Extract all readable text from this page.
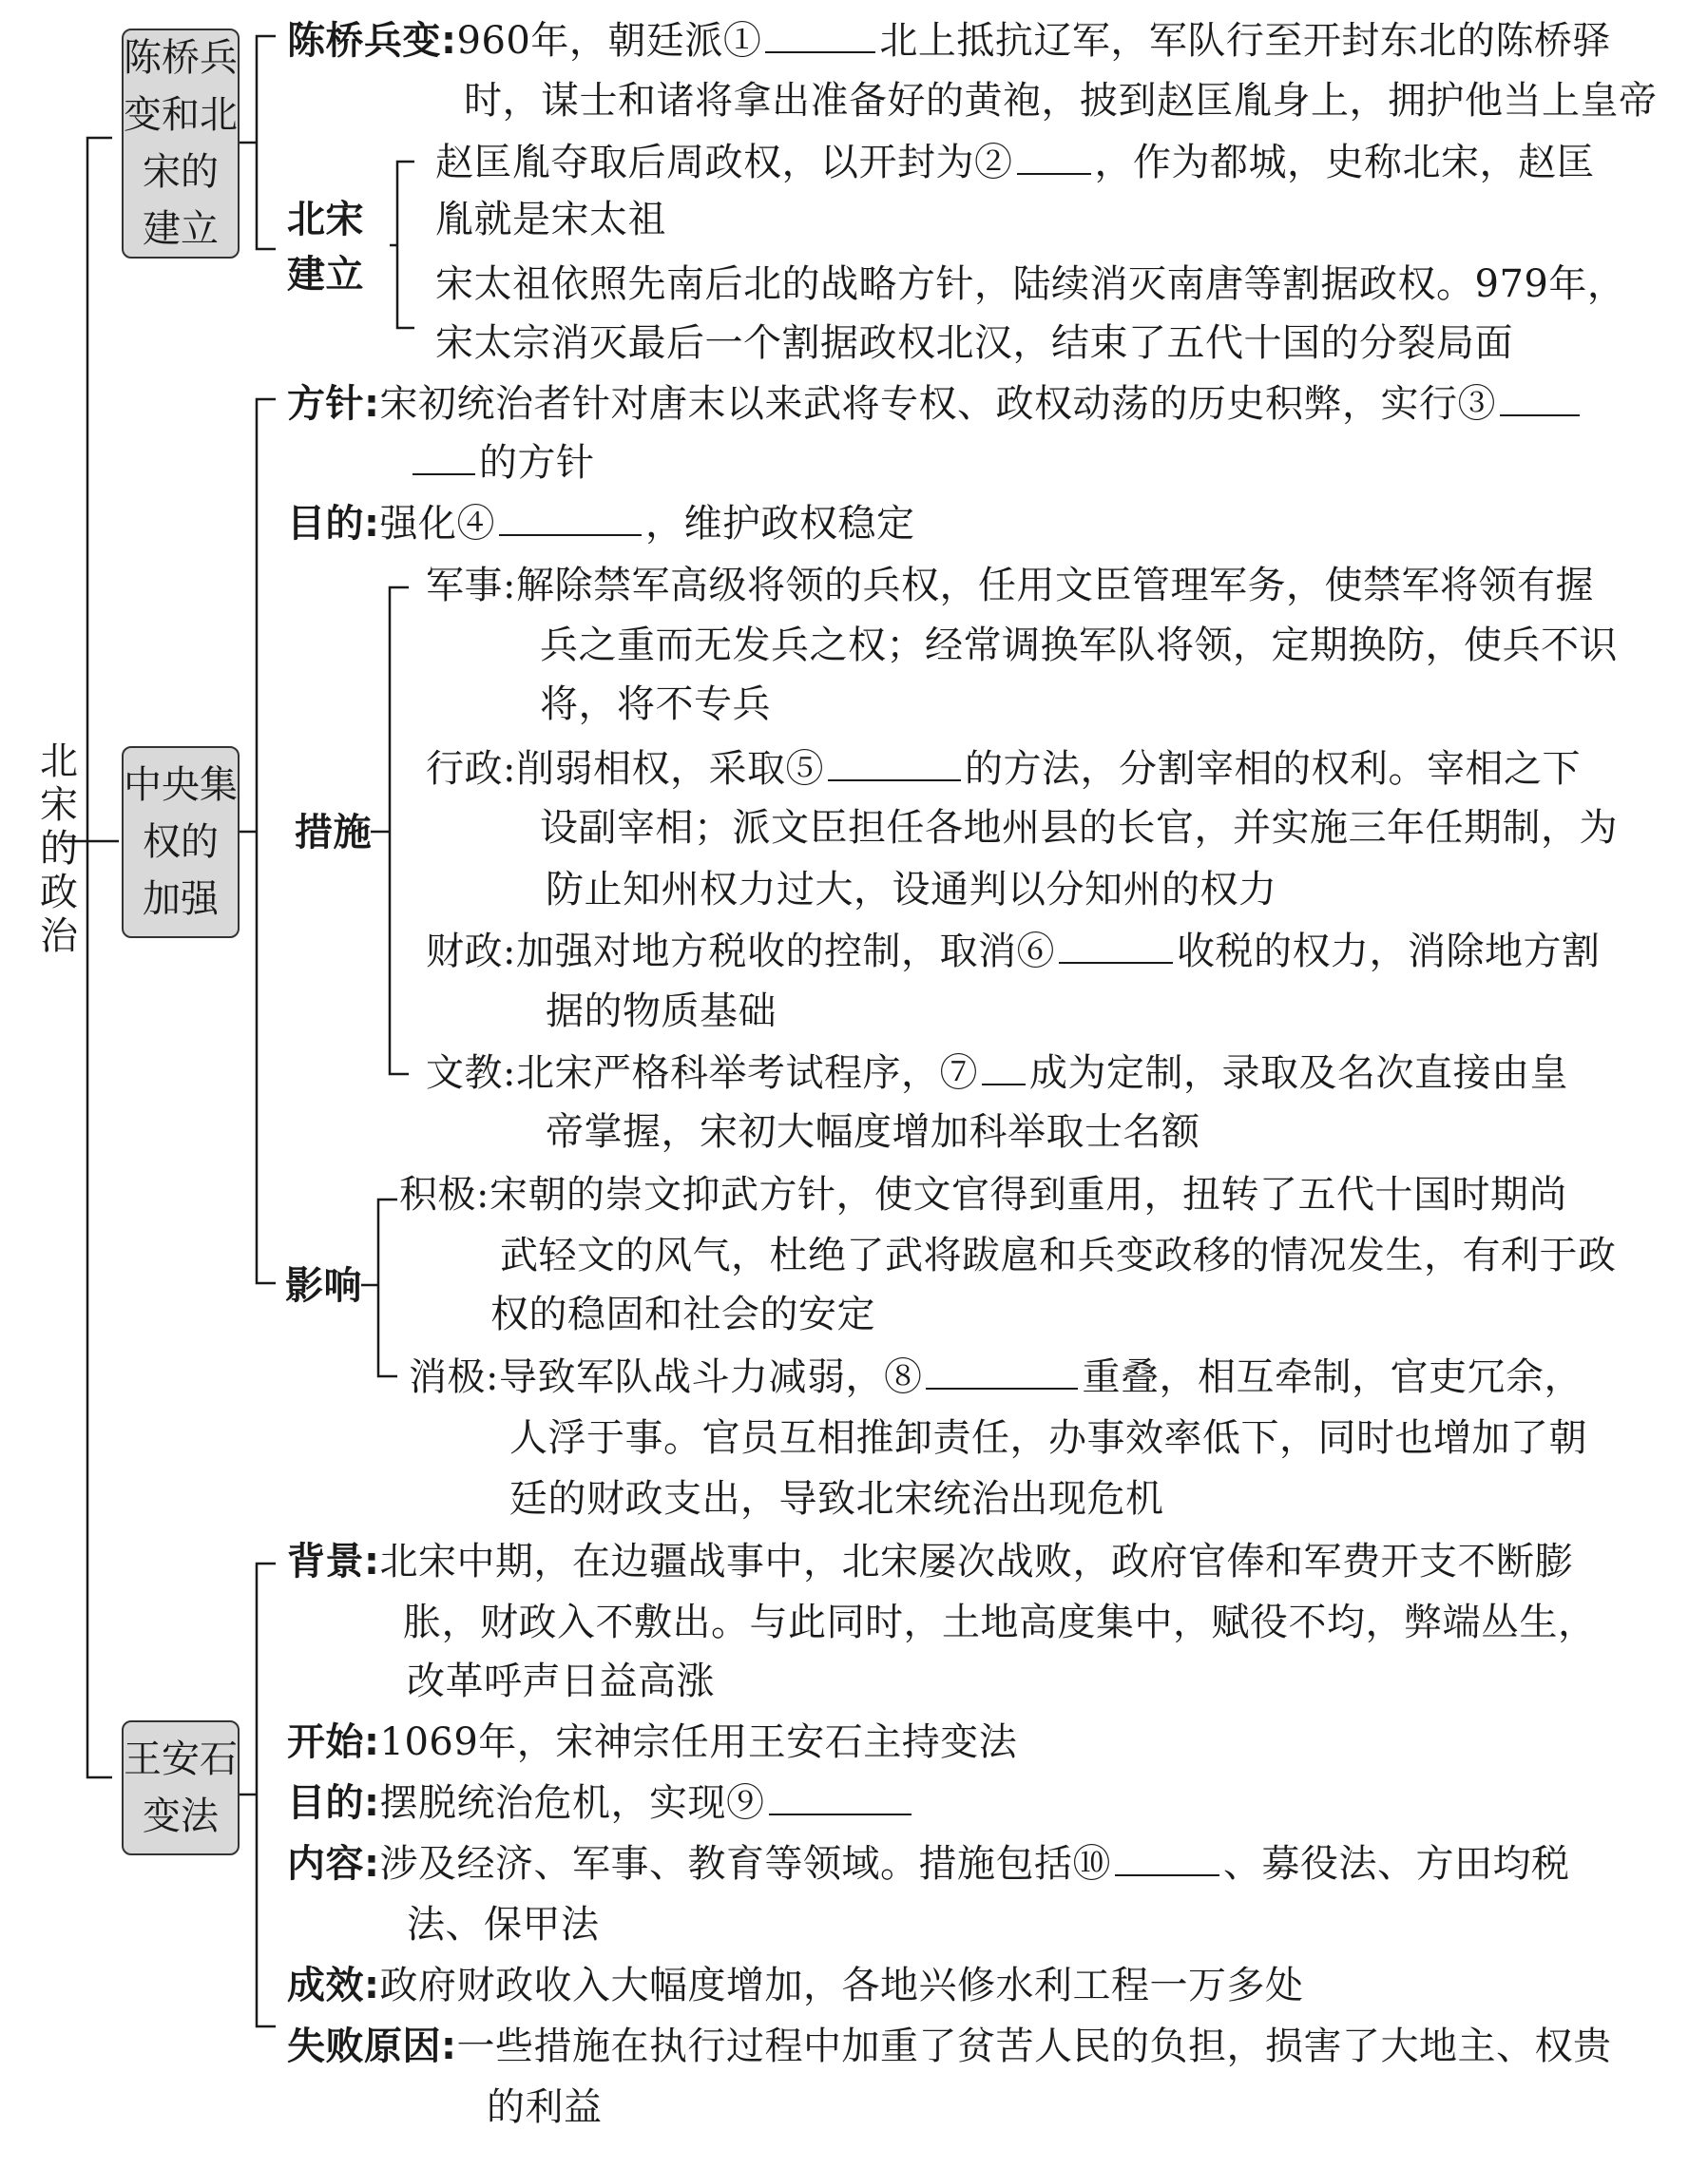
北
宋
的
政
治
陈桥兵
变和北
宋的
建立
陈桥兵变:960年，朝廷派①	北上抵抗辽军，军队行至开封东北的陈桥驿
时，谋士和诸将拿出准备好的黄袍，披到赵匡胤身上，拥护他当上皇帝
北宋
建立
赵匡胤夺取后周政权，以开封为② ，作为都城，史称北宋，赵匡
胤就是宋太祖
宋太祖依照先南后北的战略方针，陆续消灭南唐等割据政权。979年，
宋太宗消灭最后一个割据政权北汉，结束了五代十国的分裂局面
中央集
权的
加强
方针:宋初统治者针对唐末以来武将专权、政权动荡的历史积弊，实行③
的方针
目的:强化④	，维护政权稳定
措施
军事:解除禁军高级将领的兵权，任用文臣管理军务，使禁军将领有握
兵之重而无发兵之权；经常调换军队将领，定期换防，使兵不识
将，将不专兵
行政:削弱相权，采取⑤	的方法，分割宰相的权利。宰相之下
设副宰相；派文臣担任各地州县的长官，并实施三年任期制，为
防止知州权力过大，设通判以分知州的权力
财政:加强对地方税收的控制，取消⑥	收税的权力，消除地方割
据的物质基础
文教:北宋严格科举考试程序，⑦ 成为定制，录取及名次直接由皇
帝掌握，宋初大幅度增加科举取士名额
影响
积极:宋朝的崇文抑武方针，使文官得到重用，扭转了五代十国时期尚
武轻文的风气，杜绝了武将跋扈和兵变政移的情况发生，有利于政
权的稳固和社会的安定
消极:导致军队战斗力减弱，⑧	重叠，相互牵制，官吏冗余，
人浮于事。官员互相推卸责任，办事效率低下，同时也增加了朝
廷的财政支出，导致北宋统治出现危机
王安石
变法
背景:北宋中期，在边疆战事中，北宋屡次战败，政府官俸和军费开支不断膨
胀，财政入不敷出。与此同时，土地高度集中，赋役不均，弊端丛生，
改革呼声日益高涨
开始:1069年，宋神宗任用王安石主持变法
目的:摆脱统治危机，实现⑨
内容:涉及经济、军事、教育等领域。措施包括⑩	、募役法、方田均税
法、保甲法
成效:政府财政收入大幅度增加，各地兴修水利工程一万多处
失败原因:一些措施在执行过程中加重了贫苦人民的负担，损害了大地主、权贵
的利益
